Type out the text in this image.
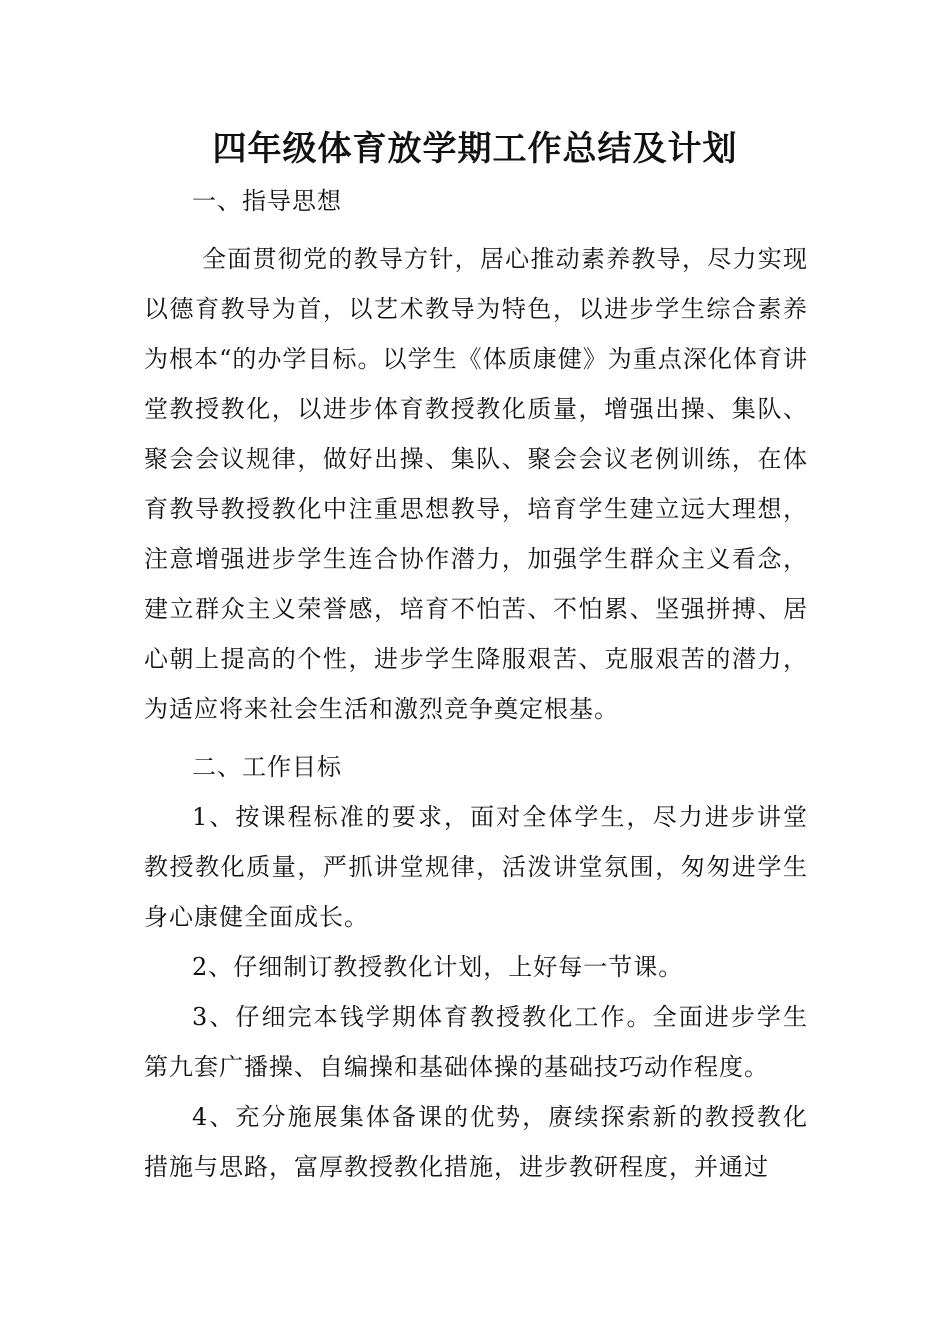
四年级体育放学期工作总结及计划

一、指导思想

全面贯彻党的教导方针，居心推动素养教导，尽力实现以德育教导为首，以艺术教导为特色，以进步学生综合素养为根本“的办学目标。以学生《体质康健》为重点深化体育讲堂教授教化，以进步体育教授教化质量，增强出操、集队、聚会会议规律，做好出操、集队、聚会会议老例训练，在体育教导教授教化中注重思想教导，培育学生建立远大理想，注意增强进步学生连合协作潜力，加强学生群众主义看念，建立群众主义荣誉感，培育不怕苦、不怕累、坚强拼搏、居心朝上提高的个性，进步学生降服艰苦、克服艰苦的潜力，为适应将来社会生活和激烈竞争奠定根基。

二、工作目标

1、按课程标准的要求，面对全体学生，尽力进步讲堂教授教化质量，严抓讲堂规律，活泼讲堂氛围，匆匆进学生身心康健全面成长。

2、仔细制订教授教化计划，上好每一节课。

3、仔细完本钱学期体育教授教化工作。全面进步学生第九套广播操、自编操和基础体操的基础技巧动作程度。

4、充分施展集体备课的优势，赓续探索新的教授教化措施与思路，富厚教授教化措施，进步教研程度，并通过
